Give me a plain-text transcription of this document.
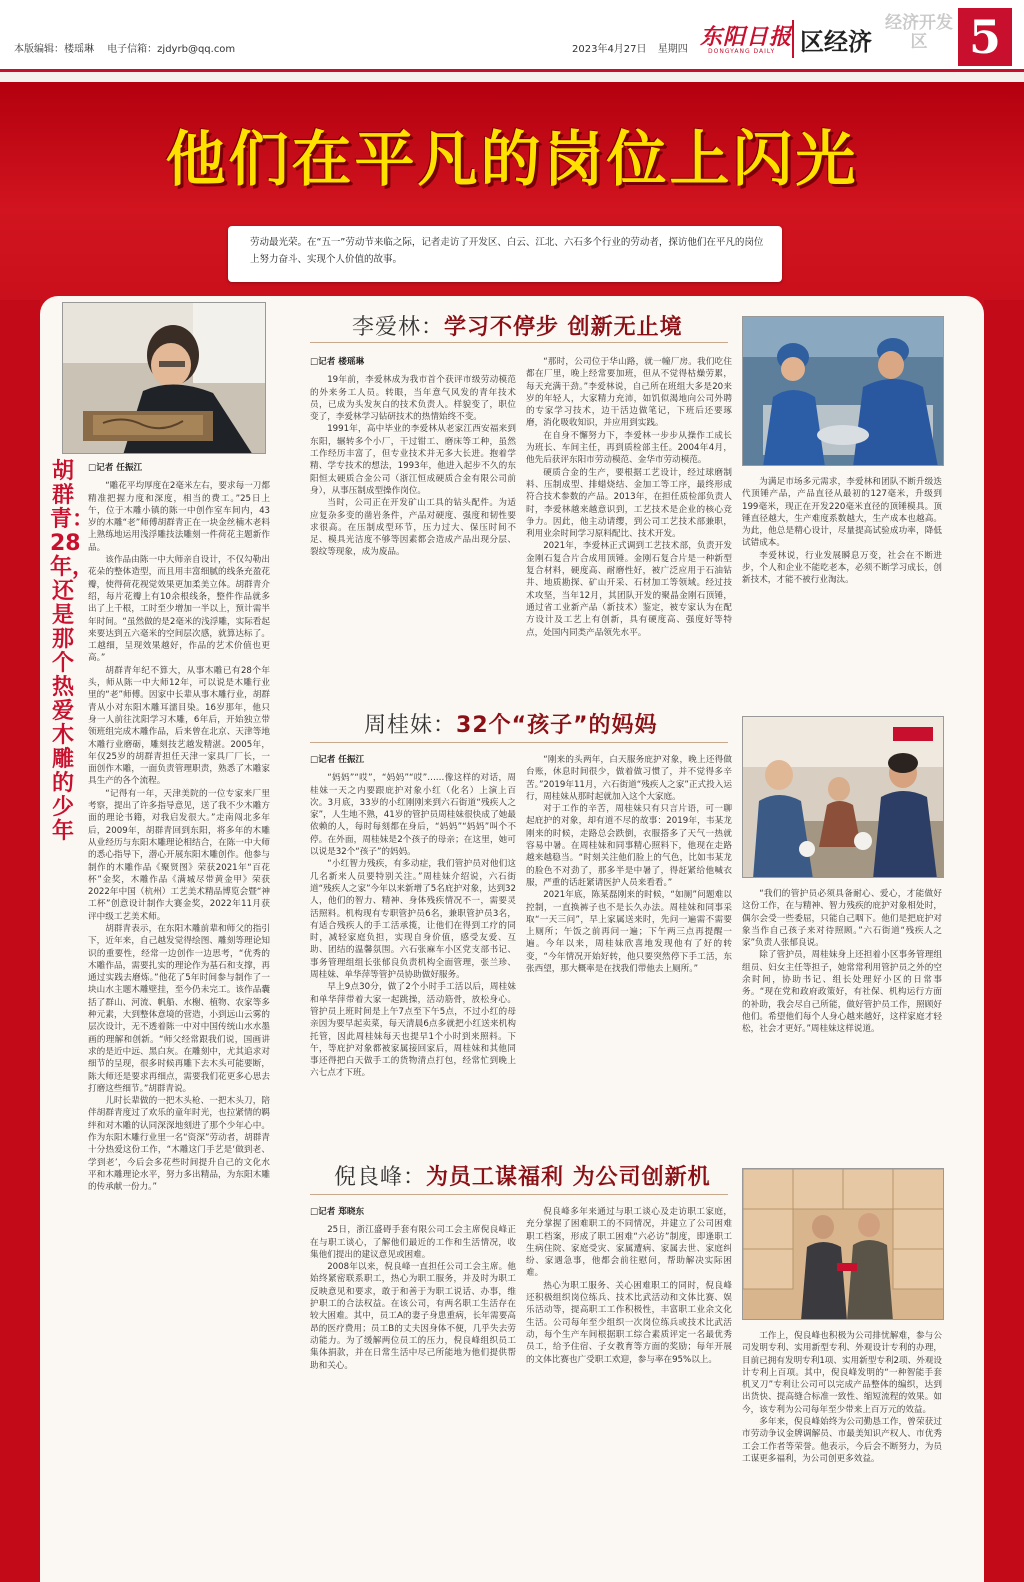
本版编辑：楼瑶琳 电子信箱：zjdyrb@qq.com	2023年4月27日 星期四 东阳日报
DONGYANG DAILY 区经济
经济开发区 5
他们在平凡的岗位上闪光
劳动最光荣。在“五一”劳动节来临之际，记者走访了开发区、白云、江北、六石多个行业的劳动者，探访他们在平凡的岗位上努力奋斗、实现个人价值的故事。
胡群青：28年，还是那个热爱木雕的少年

□记者 任振江

“雕花平均厚度在2毫米左右，要求每一刀都精准把握力度和深度，相当的费工。”25日上午，位于木雕小镇的陈一中创作室车间内，43岁的木雕“老”师傅胡群青正在一块金丝楠木老料上熟练地运用浅浮雕技法雕刻一件荷花主题新作品。

该作品由陈一中大师亲自设计，不仅勾勒出花朵的整体造型，而且用丰富细腻的线条充盈花瓣，使得荷花视觉效果更加柔美立体。胡群青介绍，每片花瓣上有10余根线条，整件作品就多出了上千根，工时至少增加一半以上，预计需半年时间。“虽然做的是2毫米的浅浮雕，实际看起来要达到五六毫米的空间层次感，就算达标了。工越细，呈现效果越好，作品的艺术价值也更高。”

胡群青年纪不算大，从事木雕已有28个年头，师从陈一中大师12年，可以说是木雕行业里的“老”师傅。因家中长辈从事木雕行业，胡群青从小对东阳木雕耳濡目染。16岁那年，他只身一人前往沈阳学习木雕，6年后，开始独立带领班组完成木雕作品，后来曾在北京、天津等地木雕行业磨砺，雕刻技艺越发精湛。2005年，年仅25岁的胡群青担任天津一家具厂厂长，一面创作木雕，一面负责管理职责，熟悉了木雕家具生产的各个流程。

“记得有一年，天津美院的一位专家来厂里考察，提出了许多指导意见，送了我不少木雕方面的理论书籍，对我启发很大。”走南闯北多年后，2009年，胡群青回到东阳，将多年的木雕从业经历与东阳木雕理论相结合，在陈一中大师的悉心指导下，潜心开展东阳木雕创作。他参与制作的木雕作品《聚贤图》荣获2021年“百花杯”金奖，木雕作品《满城尽带黄金甲》荣获2022年中国（杭州）工艺美术精品博览会暨“神工杯”创意设计制作大赛金奖，2022年11月获评中级工艺美术师。

胡群青表示，在东阳木雕前辈和师父的指引下，近年来，自己越发觉得绘图、雕刻等理论知识的重要性，经常一边创作一边思考，“优秀的木雕作品，需要扎实的理论作为基石和支撑，再通过实践去磨炼。”他花了5年时间参与制作了一块山水主题木雕壁挂，至今仍未完工。该作品囊括了群山、河流、帆船、水榭、植物、农家等多种元素，大到整体意境的营造，小到远山云雾的层次设计，无不透着陈一中对中国传统山水水墨画的理解和创新。“师父经常跟我们说，国画讲求的是近中远、黑白灰。在雕刻中，尤其追求对细节的呈现，很多时候再雕下去木头可能要断，陈大师还是要求再细点，需要我们花更多心思去打磨这些细节。”胡群青说。

儿时长辈做的一把木头枪、一把木头刀，陪伴胡群青度过了欢乐的童年时光，也拉紧情的羁绊和对木雕的认同深深地刻进了那个少年心中。作为东阳木雕行业里一名“资深”劳动者，胡群青十分热爱这份工作，“木雕这门手艺是‘做到老、学到老’，今后会多花些时间提升自己的文化水平和木雕理论水平，努力多出精品，为东阳木雕的传承献一份力。”

李爱林：学习不停步 创新无止境

□记者 楼瑶琳

19年前，李爱林成为我市首个获评市级劳动模范的外来务工人员。转眼，当年意气风发的青年技术员，已成为头发灰白的技术负责人。样貌变了，职位变了，李爱林学习钻研技术的热情始终不变。

1991年，高中毕业的李爱林从老家江西安福来到东阳，辗转多个小厂，干过钳工、磨床等工种，虽然工作经历丰富了，但专业技术并无多大长进。抱着学精、学专技术的想法，1993年，他进入起步不久的东阳恒太硬质合金公司（浙江恒成硬质合金有限公司前身），从事压制成型操作岗位。

当时，公司正在开发矿山工具的钻头配件。为适应复杂多变的凿岩条件，产品对硬度、强度和韧性要求很高。在压制成型环节，压力过大、保压时间不足、模具光洁度不够等因素都会造成产品出现分层、裂纹等现象，成为废品。

“那时，公司位于华山路，就一幢厂房。我们吃住都在厂里，晚上经常要加班，但从不觉得枯燥劳累，每天充满干劲。”李爱林说，自己所在班组大多是20来岁的年轻人，大家精力充沛，如饥似渴地向公司外聘的专家学习技术，边干活边做笔记，下班后还要琢磨，消化吸收知识，并应用到实践。

在自身不懈努力下，李爱林一步步从操作工成长为班长、车间主任，再到质检部主任。2004年4月，他先后获评东阳市劳动模范、金华市劳动模范。

硬质合金的生产，要根据工艺设计，经过球磨制料、压制成型、排蜡烧结、金加工等工序，最终形成符合技术参数的产品。2013年，在担任质检部负责人时，李爱林越来越意识到，工艺技术是企业的核心竞争力。因此，他主动请缨，到公司工艺技术部兼职，利用业余时间学习原料配比、技术开发。

2021年，李爱林正式调到工艺技术部，负责开发金刚石复合片合成用顶锤。金刚石复合片是一种新型复合材料，硬度高、耐磨性好，被广泛应用于石油钻井、地质勘探、矿山开采、石材加工等领域。经过技术攻坚，当年12月，其团队开发的聚晶金刚石顶锤，通过省工业新产品（新技术）鉴定，被专家认为在配方设计及工艺上有创新，具有硬度高、强度好等特点，处国内同类产品领先水平。

为满足市场多元需求，李爱林和团队不断升级迭代顶锤产品，产品直径从最初的127毫米，升级到199毫米，现正在开发220毫米直径的顶锤模具。顶锤直径越大，生产难度系数越大，生产成本也越高。为此，他总是精心设计，尽量提高试验成功率，降低试错成本。

李爱林说，行业发展瞬息万变，社会在不断进步，个人和企业不能吃老本，必须不断学习成长，创新技术，才能不被行业淘汰。

周桂妹：32个“孩子”的妈妈

□记者 任振江

“妈妈”“哎”，“妈妈”“哎”……像这样的对话，周桂妹一天之内要跟庇护对象小红（化名）上演上百次。3月底，33岁的小红刚刚来到六石街道“残疾人之家”，人生地不熟，41岁的管护员周桂妹很快成了她最依赖的人，每时每刻都在身后，“妈妈”“妈妈”叫个不停。在外面，周桂妹是2个孩子的母亲；在这里，她可以说是32个“孩子”的妈妈。

“小红智力残疾，有多动症，我们管护员对他们这几名新来人员要特别关注。”周桂妹介绍说，六石街道“残疾人之家”今年以来新增了5名庇护对象，达到32人，他们的智力、精神、身体残疾情况不一，需要灵活照料。机构现有专职管护员6名，兼职管护员3名，有适合残疾人的手工活承揽，让他们在得到工疗的同时，减轻家庭负担，实现自身价值，感受友爱、互助、团结的温馨氛围。六石张麻车小区党支部书记、事务管理组组长张郁良负责机构全面管理，张兰珍、周桂妹、单华萍等管护员协助做好服务。

早上9点30分，做了2个小时手工活以后，周桂妹和单华萍带着大家一起跳操，活动筋骨，放松身心。管护员上班时间是上午7点至下午5点，不过小红的母亲因为要早起卖菜，每天清晨6点多就把小红送来机构托管，因此周桂妹每天也提早1个小时到来照料。下午，等庇护对象都被家属接回家后，周桂妹和其他同事还得把白天做手工的货物清点打包，经常忙到晚上六七点才下班。

“刚来的头两年，白天服务庇护对象，晚上还得做台账，休息时间很少，做着做习惯了，并不觉得多辛苦。”2019年11月，六石街道“残疾人之家”正式投入运行，周桂妹从那时起就加入这个大家庭。

对于工作的辛苦，周桂妹只有只言片语，可一聊起庇护的对象，却有道不尽的故事：2019年，韦某龙刚来的时候，走路总会跌倒，衣服搭多了天气一热就容易中暑。在周桂妹和同事精心照料下，他现在走路越来越稳当。“时刻关注他们脸上的气色，比如韦某龙的脸色不对劲了，那多半是中暑了，得赶紧给他喊衣服，严重的话赶紧请医护人员来看看。”

2021年底，陈某磊刚来的时候，“如厕”问题难以控制，一直换裤子也不是长久办法。周桂妹和同事采取“一天三问”，早上家属送来时，先问一遍需不需要上厕所；午饭之前再问一遍；下午两三点再提醒一遍。今年以来，周桂妹欣喜地发现他有了好的转变，“今年情况开始好转，他只要突然停下手工活，东张西望，那大概率是在找我们带他去上厕所。”

“我们的管护员必须具备耐心、爱心，才能做好这份工作，在与精神、智力残疾的庇护对象相处时，偶尔会受一些委屈，只能自己咽下。他们是把庇护对象当作自己孩子来对待照顾。”六石街道“残疾人之家”负责人张郁良说。

除了管护员，周桂妹身上还担着小区事务管理组组员、妇女主任等担子，她常常利用管护员之外的空余时间，协助书记、组长处理好小区的日常事务。“现在党和政府政策好，有社保、机构运行方面的补助，我会尽自己所能，做好管护员工作，照顾好他们。希望他们每个人身心越来越好，这样家庭才轻松，社会才更好。”周桂妹这样说道。

倪良峰：为员工谋福利 为公司创新机

□记者 郑晓东

25日，浙江盛碍手套有限公司工会主席倪良峰正在与职工谈心，了解他们最近的工作和生活情况，收集他们提出的建议意见或困难。

2008年以来，倪良峰一直担任公司工会主席。他始终紧密联系职工，热心为职工服务，并及时为职工反映意见和要求，敢于和善于为职工说话、办事，维护职工的合法权益。在该公司，有两名职工生活存在较大困难。其中，员工A的妻子身患重病，长年需要高昂的医疗费用；员工B的丈夫因身体不便，几乎失去劳动能力。为了缓解两位员工的压力，倪良峰组织员工集体捐款，并在日常生活中尽己所能地为他们提供帮助和关心。

倪良峰多年来通过与职工谈心及走访职工家庭，充分掌握了困难职工的不同情况，并建立了公司困难职工档案，形成了职工困难“六必访”制度，即逢职工生病住院、家庭受灾、家属遭病、家属去世、家庭纠纷、家遇急事，他都会前往慰问，帮助解决实际困难。

热心为职工服务、关心困难职工的同时，倪良峰还积极组织岗位练兵、技术比武活动和文体比赛、娱乐活动等，提高职工工作积极性，丰富职工业余文化生活。公司每年至少组织一次岗位练兵或技术比武活动，每个生产车间根据职工综合素质评定一名最优秀员工，给予住宿、子女教育等方面的奖励；每年开展的文体比赛也广受职工欢迎，参与率在95%以上。

工作上，倪良峰也积极为公司排忧解难，参与公司发明专利、实用新型专利、外观设计专利的办理，目前已拥有发明专利1项、实用新型专利2项、外观设计专利上百项。其中，倪良峰发明的“一种智能手套机叉刀”专利让公司可以完成产品整体的编织，达到出货快、提高缝合标准一致性、缩短流程的效果。如今，该专利为公司每年至少带来上百万元的效益。

多年来，倪良峰始终为公司勤恳工作，曾荣获过市劳动争议金牌调解员、市最美知识产权人、市优秀工会工作者等荣誉。他表示，今后会不断努力，为员工谋更多福利，为公司创更多效益。
